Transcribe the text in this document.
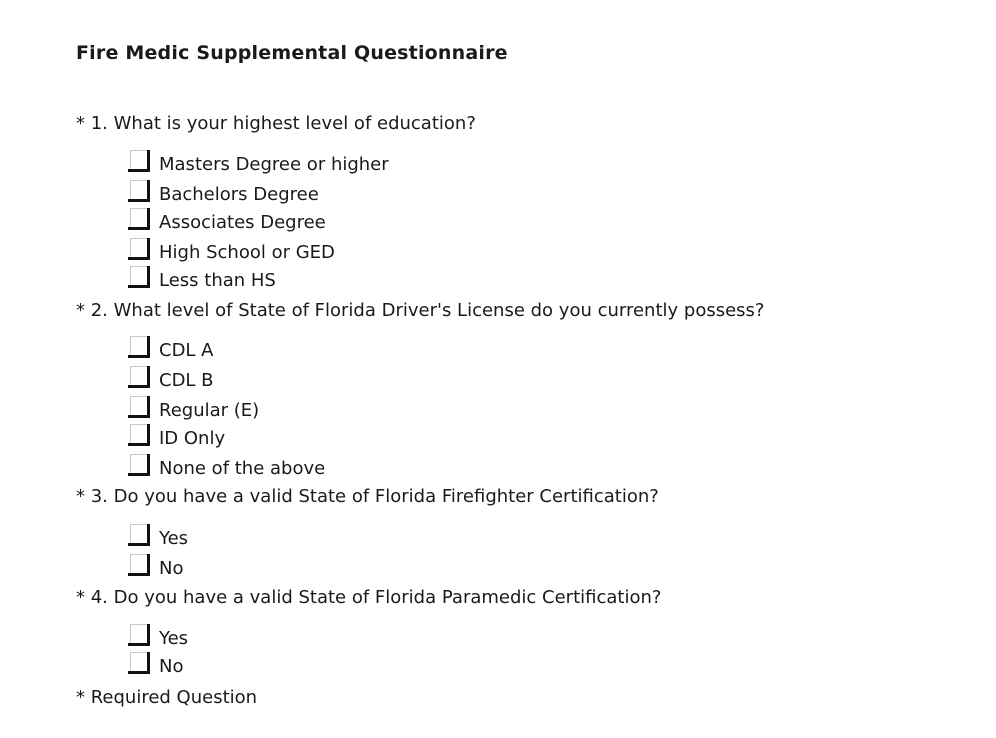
Fire Medic Supplemental Questionnaire
* 1. What is your highest level of education?
Masters Degree or higher
Bachelors Degree
Associates Degree
High School or GED
Less than HS
* 2. What level of State of Florida Driver's License do you currently possess?
CDL A
CDL B
Regular (E)
ID Only
None of the above
* 3. Do you have a valid State of Florida Firefighter Certification?
Yes
No
* 4. Do you have a valid State of Florida Paramedic Certification?
Yes
No
* Required Question
